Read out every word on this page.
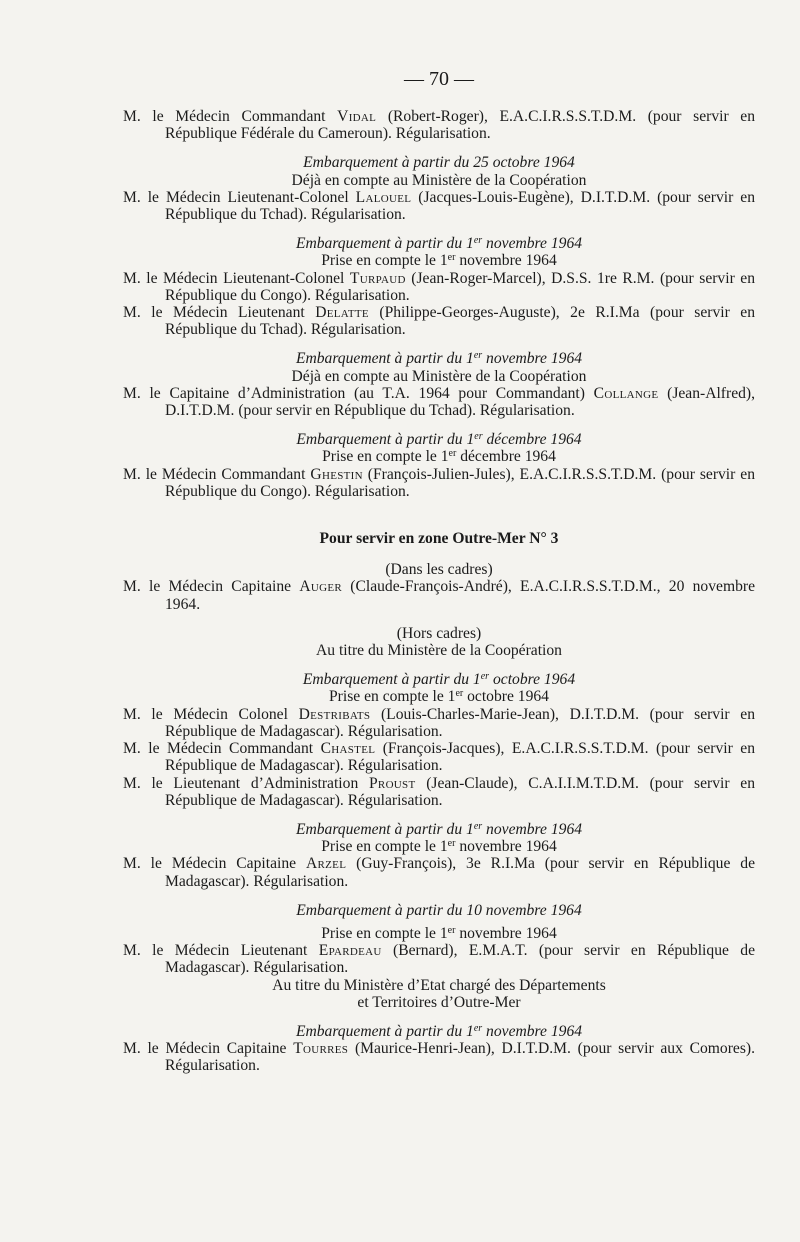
— 70 —

M. le Médecin Commandant Vidal (Robert-Roger), E.A.C.I.R.S.S.T.D.M. (pour servir en République Fédérale du Cameroun). Régularisation.

Embarquement à partir du 25 octobre 1964

Déjà en compte au Ministère de la Coopération

M. le Médecin Lieutenant-Colonel Lalouel (Jacques-Louis-Eugène), D.I.T.D.M. (pour servir en République du Tchad). Régularisation.

Embarquement à partir du 1er novembre 1964

Prise en compte le 1er novembre 1964

M. le Médecin Lieutenant-Colonel Turpaud (Jean-Roger-Marcel), D.S.S. 1re R.M. (pour servir en République du Congo). Régularisation.

M. le Médecin Lieutenant Delatte (Philippe-Georges-Auguste), 2e R.I.Ma (pour servir en République du Tchad). Régularisation.

Embarquement à partir du 1er novembre 1964

Déjà en compte au Ministère de la Coopération

M. le Capitaine d’Administration (au T.A. 1964 pour Commandant) Collange (Jean-Alfred), D.I.T.D.M. (pour servir en République du Tchad). Régularisation.

Embarquement à partir du 1er décembre 1964

Prise en compte le 1er décembre 1964

M. le Médecin Commandant Ghestin (François-Julien-Jules), E.A.C.I.R.S.S.T.D.M. (pour servir en République du Congo). Régularisation.

Pour servir en zone Outre-Mer N° 3

(Dans les cadres)

M. le Médecin Capitaine Auger (Claude-François-André), E.A.C.I.R.S.S.T.D.M., 20 novembre 1964.

(Hors cadres)

Au titre du Ministère de la Coopération

Embarquement à partir du 1er octobre 1964

Prise en compte le 1er octobre 1964

M. le Médecin Colonel Destribats (Louis-Charles-Marie-Jean), D.I.T.D.M. (pour servir en République de Madagascar). Régularisation.

M. le Médecin Commandant Chastel (François-Jacques), E.A.C.I.R.S.S.T.D.M. (pour servir en République de Madagascar). Régularisation.

M. le Lieutenant d’Administration Proust (Jean-Claude), C.A.I.I.M.T.D.M. (pour servir en République de Madagascar). Régularisation.

Embarquement à partir du 1er novembre 1964

Prise en compte le 1er novembre 1964

M. le Médecin Capitaine Arzel (Guy-François), 3e R.I.Ma (pour servir en République de Madagascar). Régularisation.

Embarquement à partir du 10 novembre 1964

Prise en compte le 1er novembre 1964

M. le Médecin Lieutenant Epardeau (Bernard), E.M.A.T. (pour servir en République de Madagascar). Régularisation.

Au titre du Ministère d’Etat chargé des Départements

et Territoires d’Outre-Mer

Embarquement à partir du 1er novembre 1964

M. le Médecin Capitaine Tourres (Maurice-Henri-Jean), D.I.T.D.M. (pour servir aux Comores). Régularisation.
